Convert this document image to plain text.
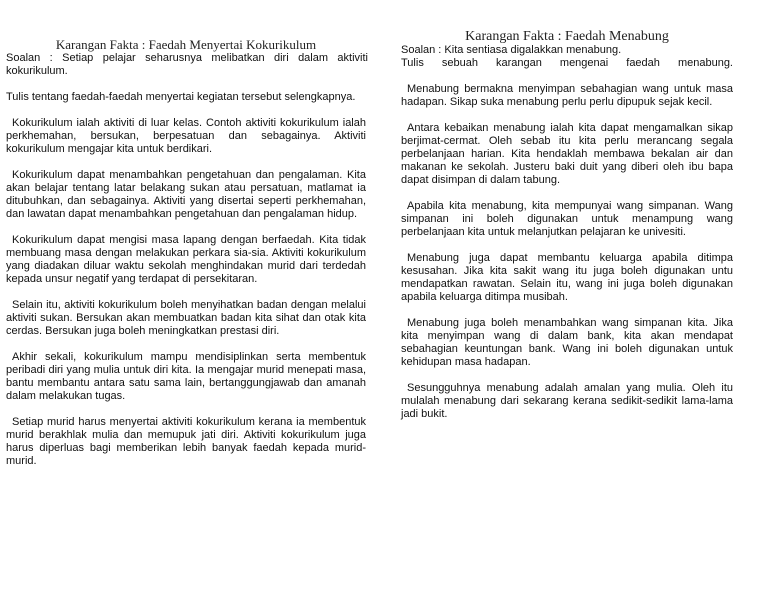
Karangan Fakta : Faedah Menyertai Kokurikulum

Soalan : Setiap pelajar seharusnya melibatkan diri dalam aktiviti kokurikulum.

Tulis tentang faedah-faedah menyertai kegiatan tersebut selengkapnya.

Kokurikulum ialah aktiviti di luar kelas. Contoh aktiviti kokurikulum ialah perkhemahan, bersukan, berpesatuan dan sebagainya. Aktiviti kokurikulum mengajar kita untuk berdikari.

Kokurikulum dapat menambahkan pengetahuan dan pengalaman. Kita akan belajar tentang latar belakang sukan atau persatuan, matlamat ia ditubuhkan, dan sebagainya. Aktiviti yang disertai seperti perkhemahan, dan lawatan dapat menambahkan pengetahuan dan pengalaman hidup.

Kokurikulum dapat mengisi masa lapang dengan berfaedah. Kita tidak membuang masa dengan melakukan perkara sia-sia. Aktiviti kokurikulum yang diadakan diluar waktu sekolah menghindakan murid dari terdedah kepada unsur negatif yang terdapat di persekitaran.

Selain itu, aktiviti kokurikulum boleh menyihatkan badan dengan melalui aktiviti sukan. Bersukan akan membuatkan badan kita sihat dan otak kita cerdas. Bersukan juga boleh meningkatkan prestasi diri.

Akhir sekali, kokurikulum mampu mendisiplinkan serta membentuk peribadi diri yang mulia untuk diri kita. Ia mengajar murid menepati masa, bantu membantu antara satu sama lain, bertanggungjawab dan amanah dalam melakukan tugas.

Setiap murid harus menyertai aktiviti kokurikulum kerana ia membentuk murid berakhlak mulia dan memupuk jati diri. Aktiviti kokurikulum juga harus diperluas bagi memberikan lebih banyak faedah kepada murid-murid.

Karangan Fakta : Faedah Menabung

Soalan : Kita sentiasa digalakkan menabung.

Tulis sebuah karangan mengenai faedah menabung.

Menabung bermakna menyimpan sebahagian wang untuk masa hadapan. Sikap suka menabung perlu perlu dipupuk sejak kecil.

Antara kebaikan menabung ialah kita dapat mengamalkan sikap berjimat-cermat. Oleh sebab itu kita perlu merancang segala perbelanjaan harian. Kita hendaklah membawa bekalan air dan makanan ke sekolah. Justeru baki duit yang diberi oleh ibu bapa dapat disimpan di dalam tabung.

Apabila kita menabung, kita mempunyai wang simpanan. Wang simpanan ini boleh digunakan untuk menampung wang perbelanjaan kita untuk melanjutkan pelajaran ke univesiti.

Menabung juga dapat membantu keluarga apabila ditimpa kesusahan. Jika kita sakit wang itu juga boleh digunakan untu mendapatkan rawatan. Selain itu, wang ini juga boleh digunakan apabila keluarga ditimpa musibah.

Menabung juga boleh menambahkan wang simpanan kita. Jika kita menyimpan wang di dalam bank, kita akan mendapat sebahagian keuntungan bank. Wang ini boleh digunakan untuk kehidupan masa hadapan.

Sesungguhnya menabung adalah amalan yang mulia. Oleh itu mulalah menabung dari sekarang kerana sedikit-sedikit lama-lama jadi bukit.
